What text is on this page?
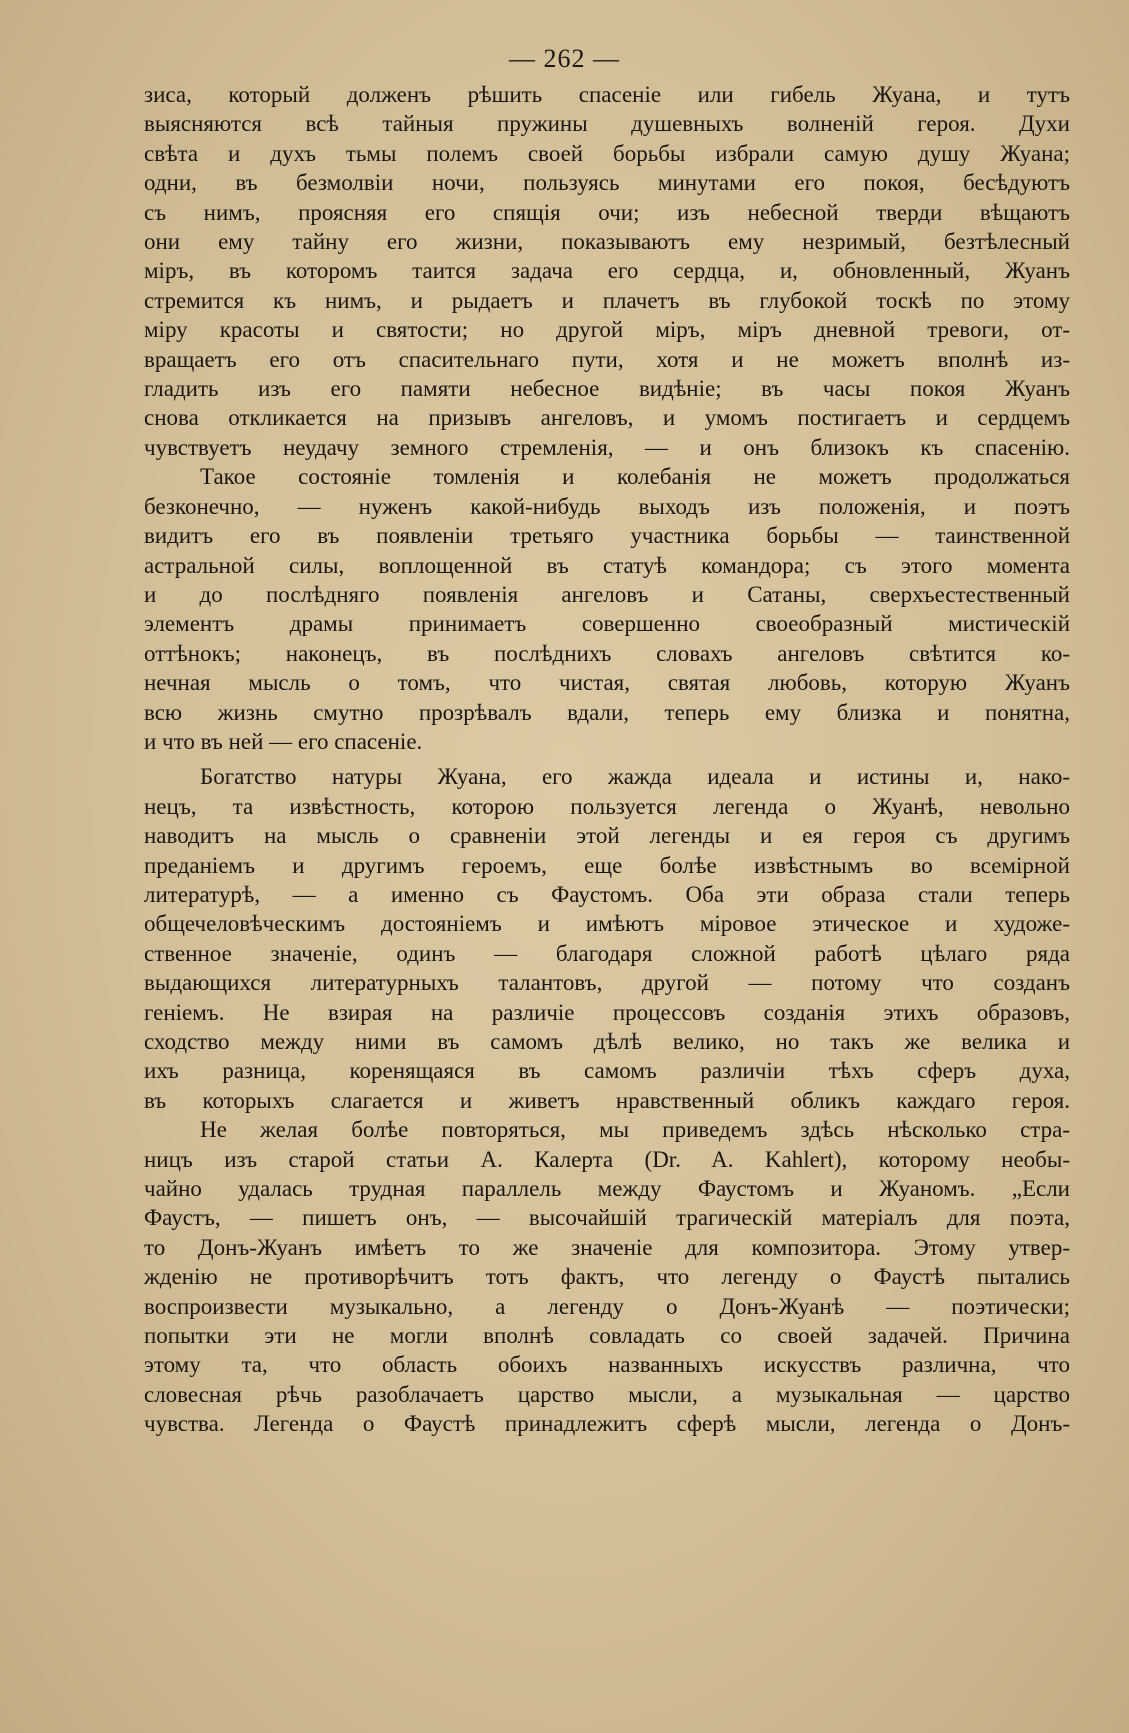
— 262 —
зиса, который долженъ рѣшить спасеніе или гибель Жуана, и тутъ
выясняются всѣ тайныя пружины душевныхъ волненій героя. Духи
свѣта и духъ тьмы полемъ своей борьбы избрали самую душу Жуана;
одни, въ безмолвіи ночи, пользуясь минутами его покоя, бесѣдуютъ
съ нимъ, проясняя его спящія очи; изъ небесной тверди вѣщаютъ
они ему тайну его жизни, показываютъ ему незримый, безтѣлесный
міръ, въ которомъ таится задача его сердца, и, обновленный, Жуанъ
стремится къ нимъ, и рыдаетъ и плачетъ въ глубокой тоскѣ по этому
міру красоты и святости; но другой міръ, міръ дневной тревоги, от-
вращаетъ его отъ спасительнаго пути, хотя и не можетъ вполнѣ из-
гладить изъ его памяти небесное видѣніе; въ часы покоя Жуанъ
снова откликается на призывъ ангеловъ, и умомъ постигаетъ и сердцемъ
чувствуетъ неудачу земного стремленія, — и онъ близокъ къ спасенію.
Такое состояніе томленія и колебанія не можетъ продолжаться
безконечно, — нуженъ какой-нибудь выходъ изъ положенія, и поэтъ
видитъ его въ появленіи третьяго участника борьбы — таинственной
астральной силы, воплощенной въ статуѣ командора; съ этого момента
и до послѣдняго появленія ангеловъ и Сатаны, сверхъестественный
элементъ драмы принимаетъ совершенно своеобразный мистическій
оттѣнокъ; наконецъ, въ послѣднихъ словахъ ангеловъ свѣтится ко-
нечная мысль о томъ, что чистая, святая любовь, которую Жуанъ
всю жизнь смутно прозрѣвалъ вдали, теперь ему близка и понятна,
и что въ ней — его спасеніе.
Богатство натуры Жуана, его жажда идеала и истины и, нако-
нецъ, та извѣстность, которою пользуется легенда о Жуанѣ, невольно
наводитъ на мысль о сравненіи этой легенды и ея героя съ другимъ
преданіемъ и другимъ героемъ, еще болѣе извѣстнымъ во всемірной
литературѣ, — а именно съ Фаустомъ. Оба эти образа стали теперь
общечеловѣческимъ достояніемъ и имѣютъ міровое этическое и художе-
ственное значеніе, одинъ — благодаря сложной работѣ цѣлаго ряда
выдающихся литературныхъ талантовъ, другой — потому что созданъ
геніемъ. Не взирая на различіе процессовъ созданія этихъ образовъ,
сходство между ними въ самомъ дѣлѣ велико, но такъ же велика и
ихъ разница, коренящаяся въ самомъ различіи тѣхъ сферъ духа,
въ которыхъ слагается и живетъ нравственный обликъ каждаго героя.
Не желая болѣе повторяться, мы приведемъ здѣсь нѣсколько стра-
ницъ изъ старой статьи А. Калерта (Dr. A. Kahlert), которому необы-
чайно удалась трудная параллель между Фаустомъ и Жуаномъ. „Если
Фаустъ, — пишетъ онъ, — высочайшій трагическій матеріалъ для поэта,
то Донъ-Жуанъ имѣетъ то же значеніе для композитора. Этому утвер-
жденію не противорѣчитъ тотъ фактъ, что легенду о Фаустѣ пытались
воспроизвести музыкально, а легенду о Донъ-Жуанѣ — поэтически;
попытки эти не могли вполнѣ совладать со своей задачей. Причина
этому та, что область обоихъ названныхъ искусствъ различна, что
словесная рѣчь разоблачаетъ царство мысли, а музыкальная — царство
чувства. Легенда о Фаустѣ принадлежитъ сферѣ мысли, легенда о Донъ-
